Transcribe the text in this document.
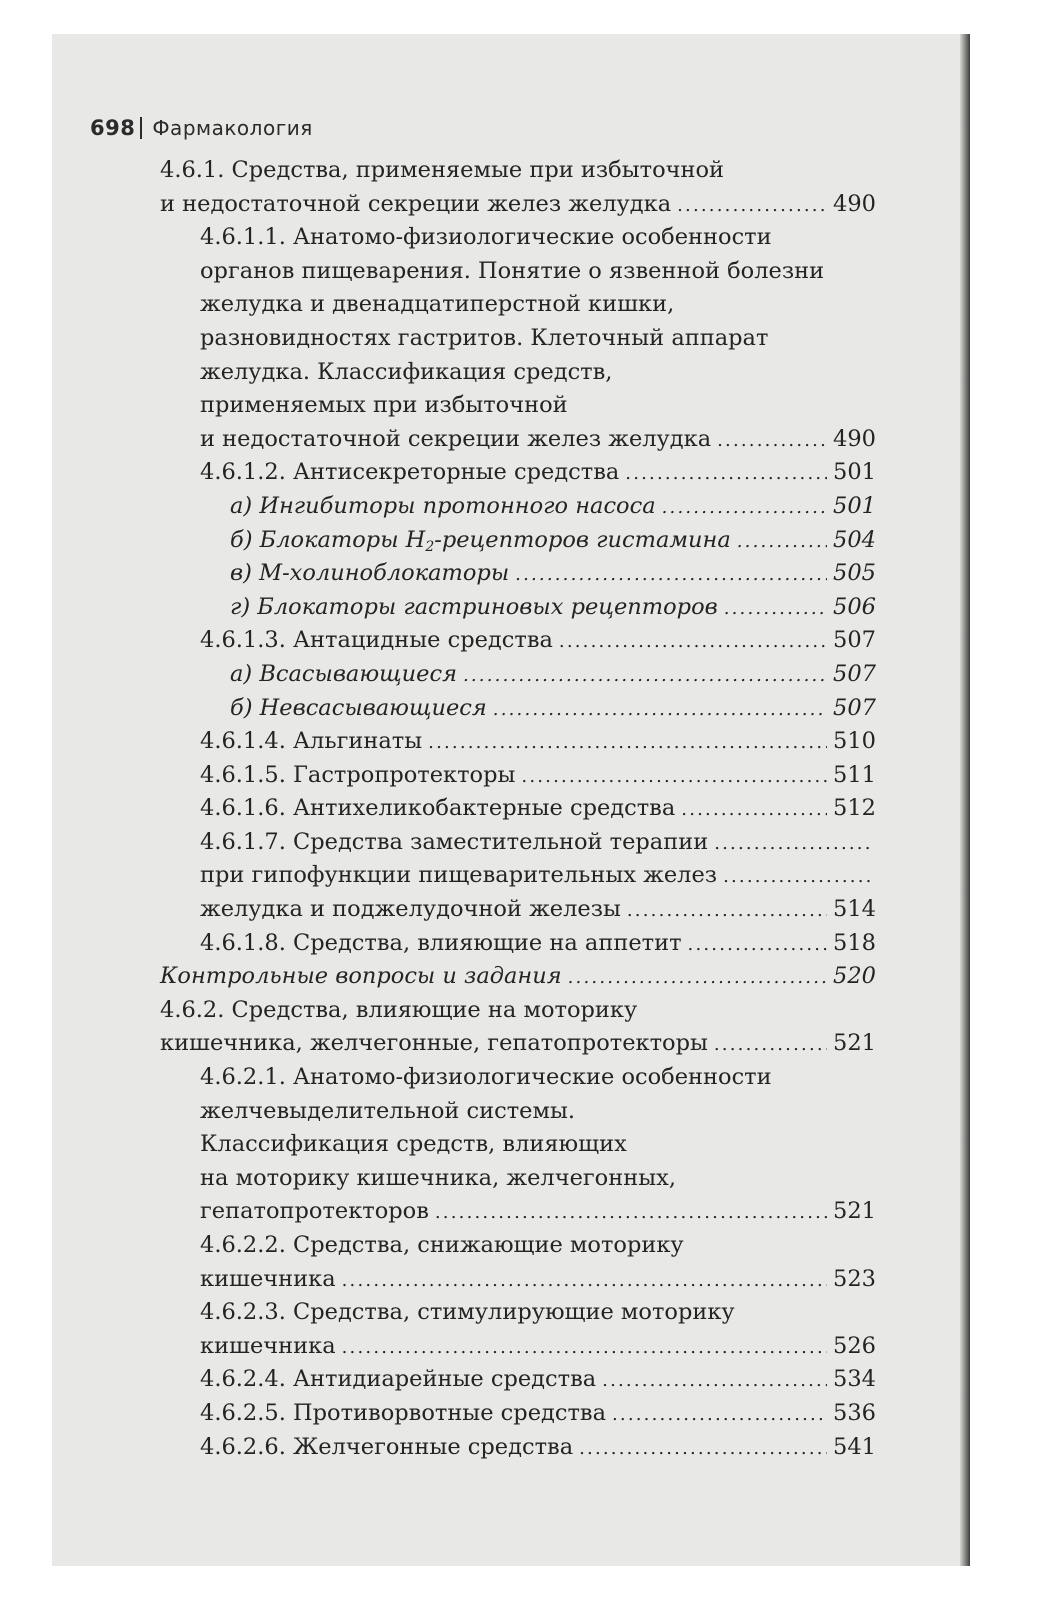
698 Фармакология
4.6.1. Средства, применяемые при избыточной
и недостаточной секреции желез желудка .....	490
4.6.1.1. Анатомо-физиологические особенности
органов пищеварения. Понятие о язвенной болезни
желудка и двенадцатиперстной кишки,
разновидностях гастритов. Клеточный аппарат
желудка. Классификация средств,
применяемых при избыточной
и недостаточной секреции желез желудка .....	490
4.6.1.2. Антисекреторные средства .....	501
а) Ингибиторы протонного насоса .....	501
б) Блокаторы $Н_2$-рецепторов гистамина .....	504
в) М-холиноблокаторы .....	505
г) Блокаторы гастриновых рецепторов .....	506
4.6.1.3. Антацидные средства .....	507
а) Всасывающиеся .....	507
б) Невсасывающиеся .....	507
4.6.1.4. Альгинаты .....	510
4.6.1.5. Гастропротекторы .....	511
4.6.1.6. Антихеликобактерные средства .....	512
4.6.1.7. Средства заместительной терапии
.....
при гипофункции пищеварительных желез
.....
желудка и поджелудочной железы .....	514
4.6.1.8. Средства, влияющие на аппетит .....	518
Контрольные вопросы и задания .....	520
4.6.2. Средства, влияющие на моторику
кишечника, желчегонные, гепатопротекторы .....	521
4.6.2.1. Анатомо-физиологические особенности
желчевыделительной системы.
Классификация средств, влияющих
на моторику кишечника, желчегонных,
гепатопротекторов .....	521
4.6.2.2. Средства, снижающие моторику
кишечника .....	523
4.6.2.3. Средства, стимулирующие моторику
кишечника .....	526
4.6.2.4. Антидиарейные средства .....	534
4.6.2.5. Противорвотные средства .....	536
4.6.2.6. Желчегонные средства .....	541
